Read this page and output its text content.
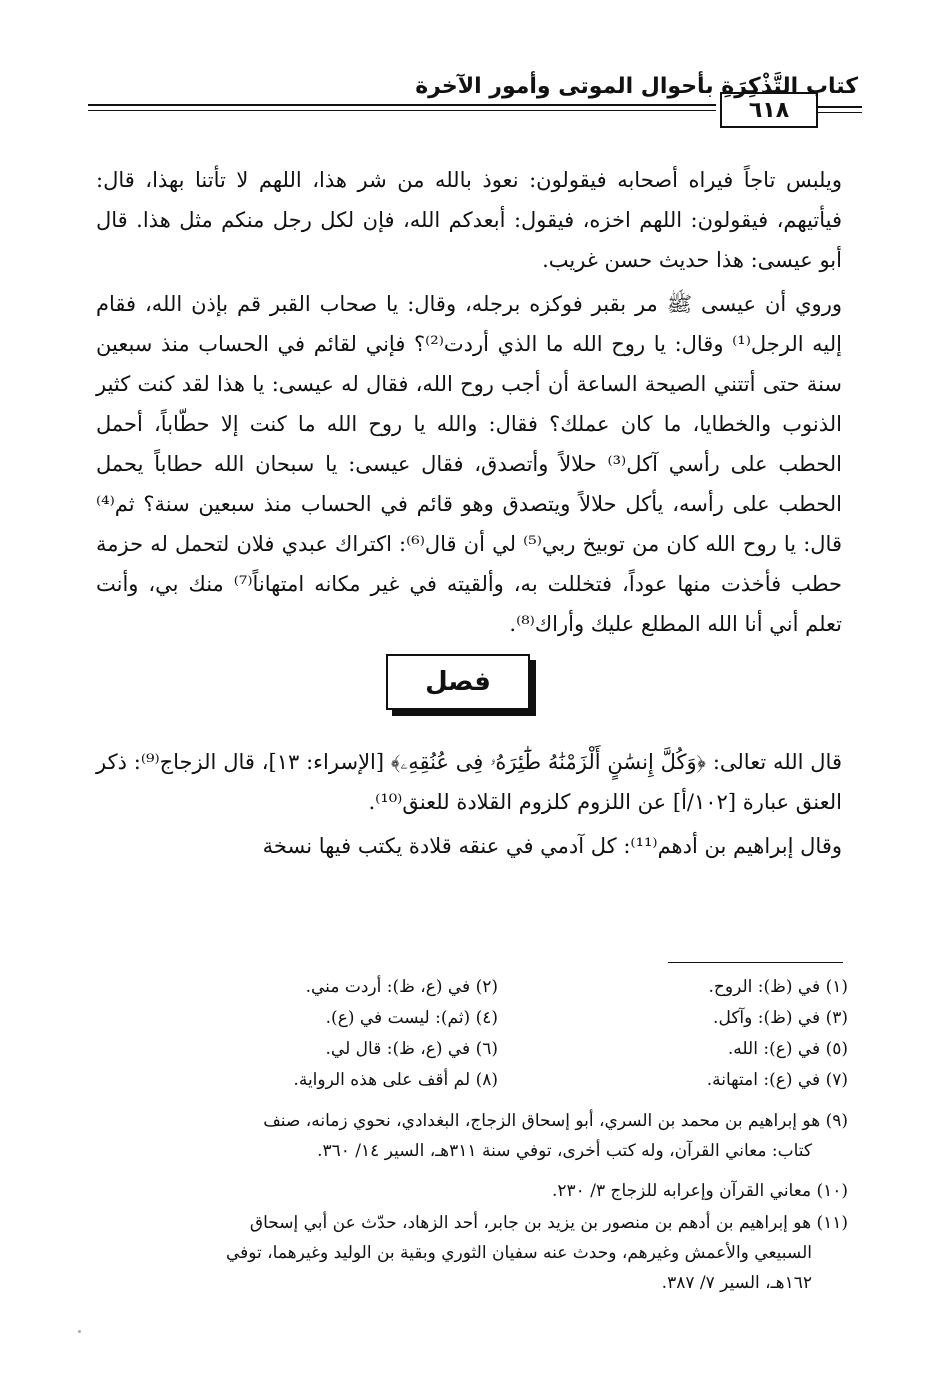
كتاب التَّذْكِرَةِ بأحوال الموتى وأمور الآخرة
٦١٨

ويلبس تاجاً فيراه أصحابه فيقولون: نعوذ بالله من شر هذا، اللهم لا تأتنا بهذا، قال: فيأتيهم، فيقولون: اللهم اخزه، فيقول: أبعدكم الله، فإن لكل رجل منكم مثل هذا. قال أبو عيسى: هذا حديث حسن غريب.

وروي أن عيسى ﷺ مر بقبر فوكزه برجله، وقال: يا صحاب القبر قم بإذن الله، فقام إليه الرجل⁽¹⁾ وقال: يا روح الله ما الذي أردت⁽²⁾؟ فإني لقائم في الحساب منذ سبعين سنة حتى أتتني الصيحة الساعة أن أجب روح الله، فقال له عيسى: يا هذا لقد كنت كثير الذنوب والخطايا، ما كان عملك؟ فقال: والله يا روح الله ما كنت إلا حطّاباً، أحمل الحطب على رأسي آكل⁽³⁾ حلالاً وأتصدق، فقال عيسى: يا سبحان الله حطاباً يحمل الحطب على رأسه، يأكل حلالاً ويتصدق وهو قائم في الحساب منذ سبعين سنة؟ ثم⁽⁴⁾ قال: يا روح الله كان من توبيخ ربي⁽⁵⁾ لي أن قال⁽⁶⁾: اكتراك عبدي فلان لتحمل له حزمة حطب فأخذت منها عوداً، فتخللت به، وألقيته في غير مكانه امتهاناً⁽⁷⁾ منك بي، وأنت تعلم أني أنا الله المطلع عليك وأراك⁽⁸⁾.

فصل

قال الله تعالى: ﴿وَكُلَّ إِنسَٰنٍ أَلْزَمْنَٰهُ طَٰٓئِرَهُۥ فِى عُنُقِهِۦ﴾ [الإسراء: ١٣]، قال الزجاج⁽⁹⁾: ذكر العنق عبارة [١٠٢/أ] عن اللزوم كلزوم القلادة للعنق⁽¹⁰⁾.

وقال إبراهيم بن أدهم⁽¹¹⁾: كل آدمي في عنقه قلادة يكتب فيها نسخة

(١) في (ظ): الروح.
(٢) في (ع، ظ): أردت مني.
(٣) في (ظ): وآكل.
(٤) (ثم): ليست في (ع).
(٥) في (ع): الله.
(٦) في (ع، ظ): قال لي.
(٧) في (ع): امتهانة.
(٨) لم أقف على هذه الرواية.
(٩) هو إبراهيم بن محمد بن السري، أبو إسحاق الزجاج، البغدادي، نحوي زمانه، صنف
كتاب: معاني القرآن، وله كتب أخرى، توفي سنة ٣١١هـ، السير ١٤/ ٣٦٠.
(١٠) معاني القرآن وإعرابه للزجاج ٣/ ٢٣٠.
(١١) هو إبراهيم بن أدهم بن منصور بن يزيد بن جابر، أحد الزهاد، حدّث عن أبي إسحاق
السبيعي والأعمش وغيرهم، وحدث عنه سفيان الثوري وبقية بن الوليد وغيرهما، توفي
١٦٢هـ، السير ٧/ ٣٨٧.
